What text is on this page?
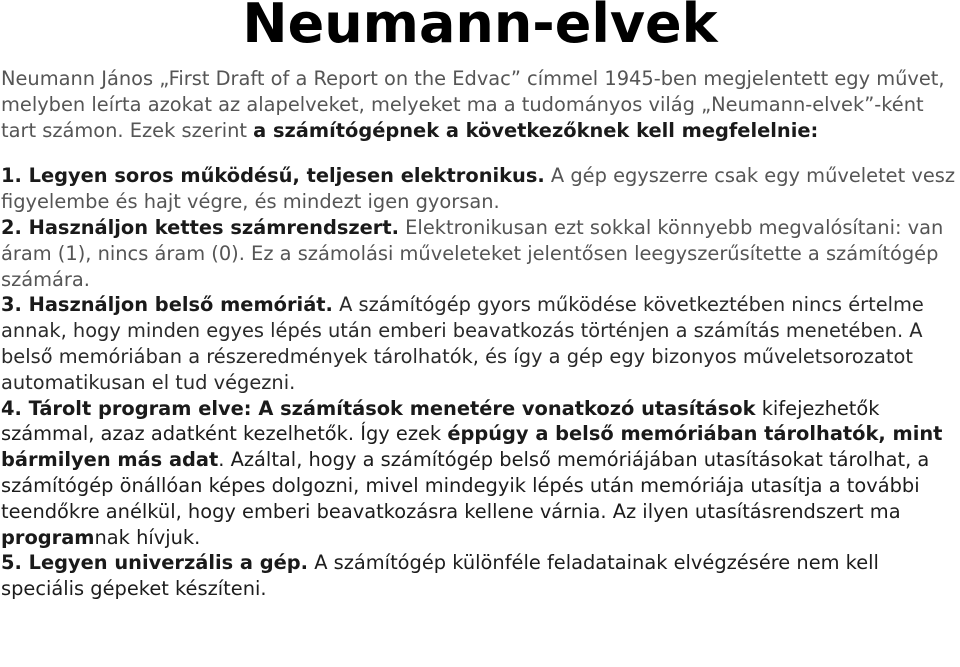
Neumann-elvek

Neumann János „First Draft of a Report on the Edvac” címmel 1945-ben megjelentett egy művet, melyben leírta azokat az alapelveket, melyeket ma a tudományos világ „Neumann-elvek”-ként tart számon. Ezek szerint a számítógépnek a következőknek kell megfelelnie:

1. Legyen soros működésű, teljesen elektronikus. A gép egyszerre csak egy műveletet vesz figyelembe és hajt végre, és mindezt igen gyorsan.

2. Használjon kettes számrendszert. Elektronikusan ezt sokkal könnyebb megvalósítani: van áram (1), nincs áram (0). Ez a számolási műveleteket jelentősen leegyszerűsítette a számítógép számára.

3. Használjon belső memóriát. A számítógép gyors működése következtében nincs értelme annak, hogy minden egyes lépés után emberi beavatkozás történjen a számítás menetében. A belső memóriában a részeredmények tárolhatók, és így a gép egy bizonyos műveletsorozatot automatikusan el tud végezni.

4. Tárolt program elve: A számítások menetére vonatkozó utasítások kifejezhetők számmal, azaz adatként kezelhetők. Így ezek éppúgy a belső memóriában tárolhatók, mint bármilyen más adat. Azáltal, hogy a számítógép belső memóriájában utasításokat tárolhat, a számítógép önállóan képes dolgozni, mivel mindegyik lépés után memóriája utasítja a további teendőkre anélkül, hogy emberi beavatkozásra kellene várnia. Az ilyen utasításrendszert ma programnak hívjuk.

5. Legyen univerzális a gép. A számítógép különféle feladatainak elvégzésére nem kell speciális gépeket készíteni.
